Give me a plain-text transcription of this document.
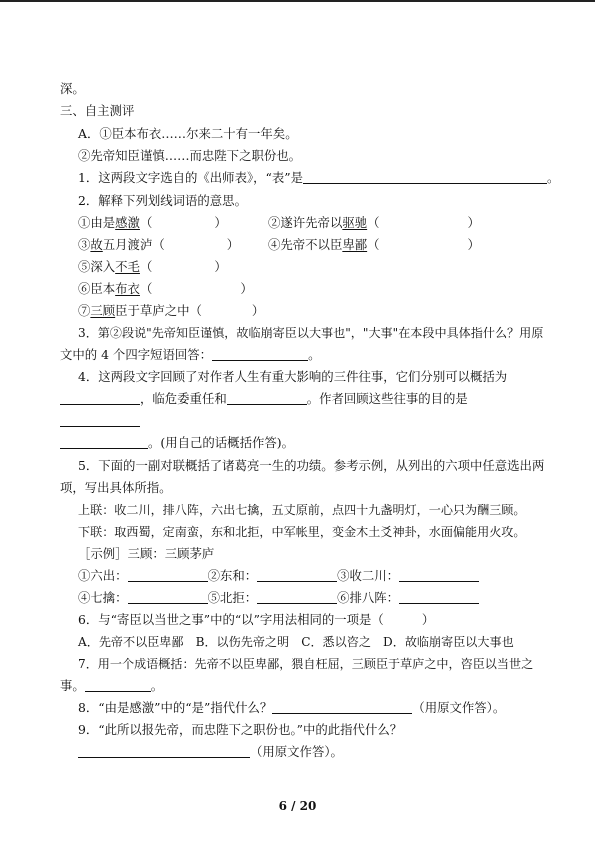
深。
三、自主测评
A．①臣本布衣……尔来二十有一年矣。
②先帝知臣谨慎……而忠陛下之职份也。
1．这两段文字选自的《出师表》，“表”是	。
2．解释下列划线词语的意思。
①由是感激（	）	②遂许先帝以驱驰（	）
③故五月渡泸（	） ④先帝不以臣卑鄙（	）
⑤深入不毛（	）
⑥臣本布衣（	）
⑦三顾臣于草庐之中（	）
3．第②段说"先帝知臣谨慎，故临崩寄臣以大事也"，"大事"在本段中具体指什么？用原
文中的 4 个四字短语回答：	。
4．这两段文字回顾了对作者人生有重大影响的三件往事，它们分别可以概括为
，临危委重任和	。作者回顾这些往事的目的是
。(用自己的话概括作答)。
5．下面的一副对联概括了诸葛亮一生的功绩。参考示例，从列出的六项中任意选出两
项，写出具体所指。
上联：收二川，排八阵，六出七擒，五丈原前，点四十九盏明灯，一心只为酬三顾。
下联：取西蜀，定南蛮，东和北拒，中军帐里，变金木土爻神卦，水面偏能用火攻。
［示例］三顾：三顾茅庐
①六出：	②东和：	③收二川：
④七擒：	⑤北拒：	⑥排八阵：
6．与“寄臣以当世之事”中的“以”字用法相同的一项是（	）
A．先帝不以臣卑鄙　B．以伤先帝之明　C．悉以咨之　D．故临崩寄臣以大事也
7．用一个成语概括：先帝不以臣卑鄙，猥自枉屈，三顾臣于草庐之中，咨臣以当世之
事。	。
8．“由是感激”中的“是”指代什么？	（用原文作答）。
9．“此所以报先帝，而忠陛下之职份也。”中的此指代什么？
（用原文作答）。
6 / 20
